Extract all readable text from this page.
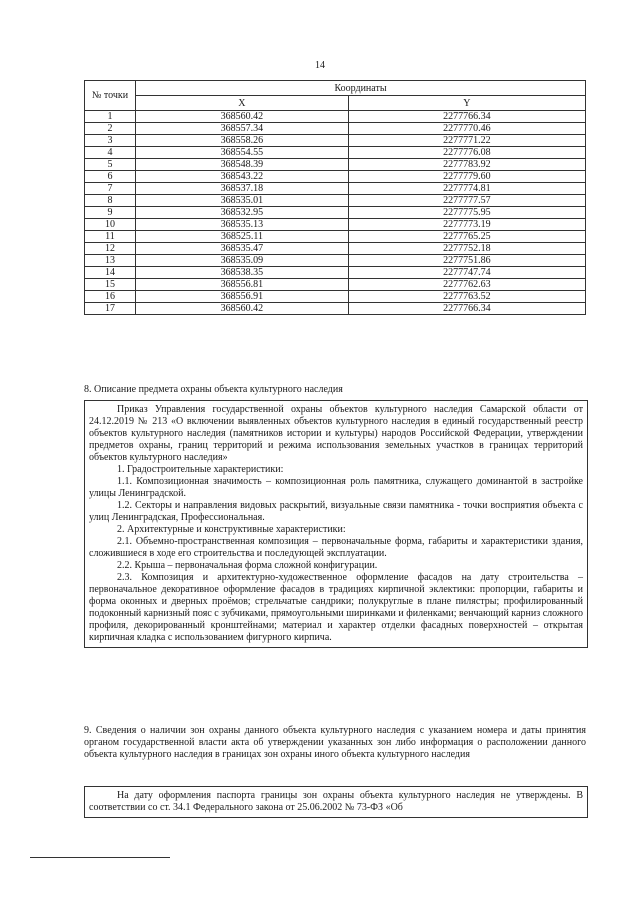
14
№ точки	Координаты	
	X	Y
1	368560.42	2277766.34
2	368557.34	2277770.46
3	368558.26	2277771.22
4	368554.55	2277776.08
5	368548.39	2277783.92
6	368543.22	2277779.60
7	368537.18	2277774.81
8	368535.01	2277777.57
9	368532.95	2277775.95
10	368535.13	2277773.19
11	368525.11	2277765.25
12	368535.47	2277752.18
13	368535.09	2277751.86
14	368538.35	2277747.74
15	368556.81	2277762.63
16	368556.91	2277763.52
17	368560.42	2277766.34
8. Описание предмета охраны объекта культурного наследия

Приказ Управления государственной охраны объектов культурного наследия Самарской области от 24.12.2019 № 213 «О включении выявленных объектов культурного наследия в единый государственный реестр объектов культурного наследия (памятников истории и культуры) народов Российской Федерации, утверждении предметов охраны, границ территорий и режима использования земельных участков в границах территорий объектов культурного наследия»

1. Градостроительные характеристики:

1.1. Композиционная значимость – композиционная роль памятника, служащего доминантой в застройке улицы Ленинградской.

1.2. Секторы и направления видовых раскрытий, визуальные связи памятника - точки восприятия объекта с улиц Ленинградская, Профессиональная.

2. Архитектурные и конструктивные характеристики:

2.1. Объемно-пространственная композиция – первоначальные форма, габариты и характеристики здания, сложившиеся в ходе его строительства и последующей эксплуатации.

2.2. Крыша – первоначальная форма сложной конфигурации.

2.3. Композиция и архитектурно-художественное оформление фасадов на дату строительства – первоначальное декоративное оформление фасадов в традициях кирпичной эклектики: пропорции, габариты и форма оконных и дверных проёмов; стрельчатые сандрики; полукруглые в плане пилястры; профилированный подоконный карнизный пояс с зубчиками, прямоугольными ширинками и филенками; венчающий карниз сложного профиля, декорированный кронштейнами; материал и характер отделки фасадных поверхностей – открытая кирпичная кладка с использованием фигурного кирпича.

9. Сведения о наличии зон охраны данного объекта культурного наследия с указанием номера и даты принятия органом государственной власти акта об утверждении указанных зон либо информация о расположении данного объекта культурного наследия в границах зон охраны иного объекта культурного наследия

На дату оформления паспорта границы зон охраны объекта культурного наследия не утверждены. В соответствии со ст. 34.1 Федерального закона от 25.06.2002 № 73-ФЗ «Об
